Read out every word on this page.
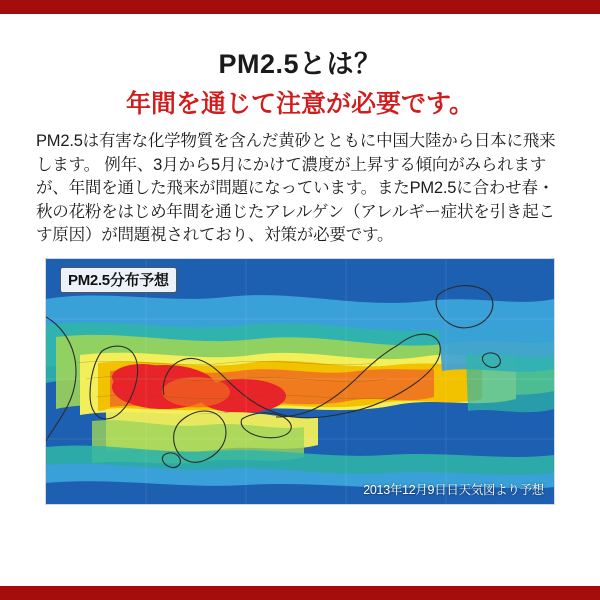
PM2.5とは？
年間を通じて注意が必要です。

PM2.5は有害な化学物質を含んだ黄砂とともに中国大陸から日本に飛来します。 例年、3月から5月にかけて濃度が上昇する傾向がみられますが、年間を通した飛来が問題になっています。またPM2.5に合わせ春・秋の花粉をはじめ年間を通じたアレルゲン（アレルギー症状を引き起こす原因）が問題視されており、対策が必要です。

PM2.5分布予想
2013年12月9日日天気図より予想
